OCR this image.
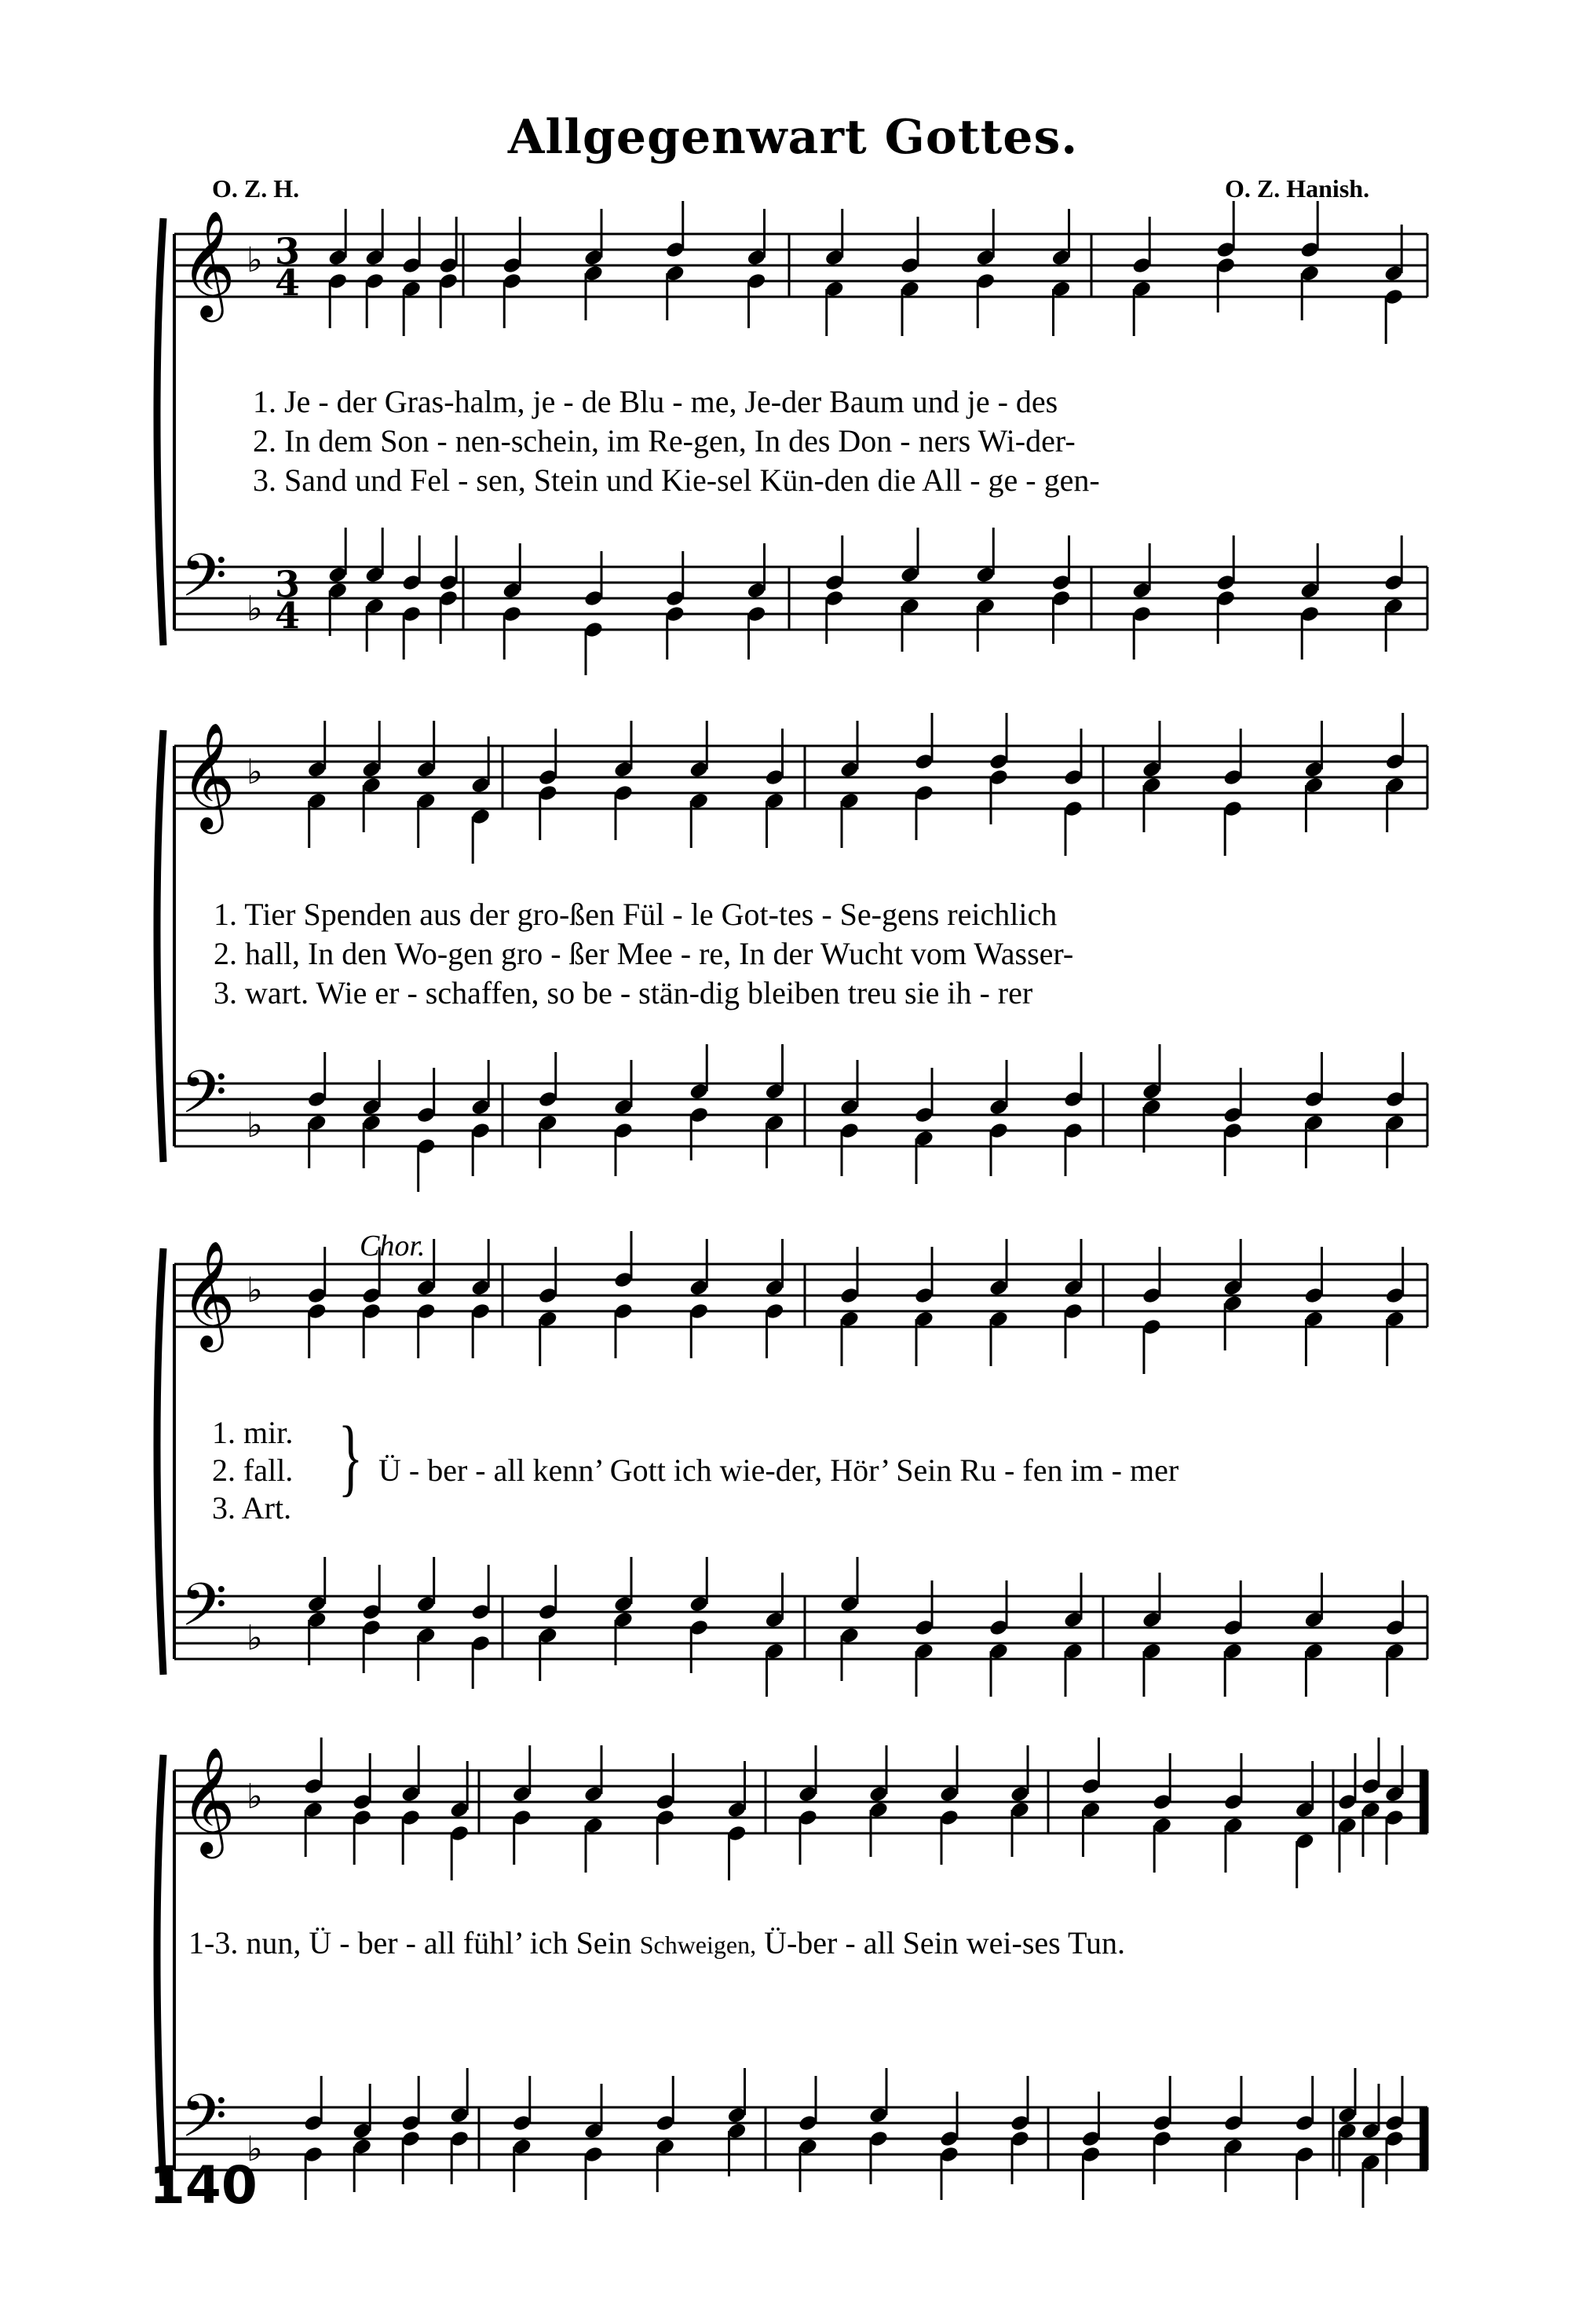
𝄞
𝄢
♭
♭
3
4
3
4
𝄞
𝄢
♭
♭
𝄞
𝄢
♭
♭
𝄞
𝄢
♭
♭
Allgegenwart Gottes.
O. Z. H.	O. Z. Hanish.
1. Je - der Gras-halm, je - de Blu - me, Je-der Baum und je - des
2. In dem Son - nen-schein, im Re-gen, In des Don - ners Wi-der-
3. Sand und Fel - sen, Stein und Kie-sel Kün-den die All - ge - gen-
1. Tier Spenden aus der gro-ßen Fül - le Got-tes - Se-gens reichlich
2. hall, In den Wo-gen gro - ßer Mee - re, In der Wucht vom Wasser-
3. wart. Wie er - schaffen, so be - stän-dig bleiben treu sie ih - rer
Chor.
1. mir.
2. fall.
3. Art.
} Ü - ber - all kenn’ Gott ich wie-der, Hör’ Sein Ru - fen im - mer
1-3. nun, Ü - ber - all fühl’ ich Sein Schweigen, Ü-ber - all Sein wei-ses Tun.
140
